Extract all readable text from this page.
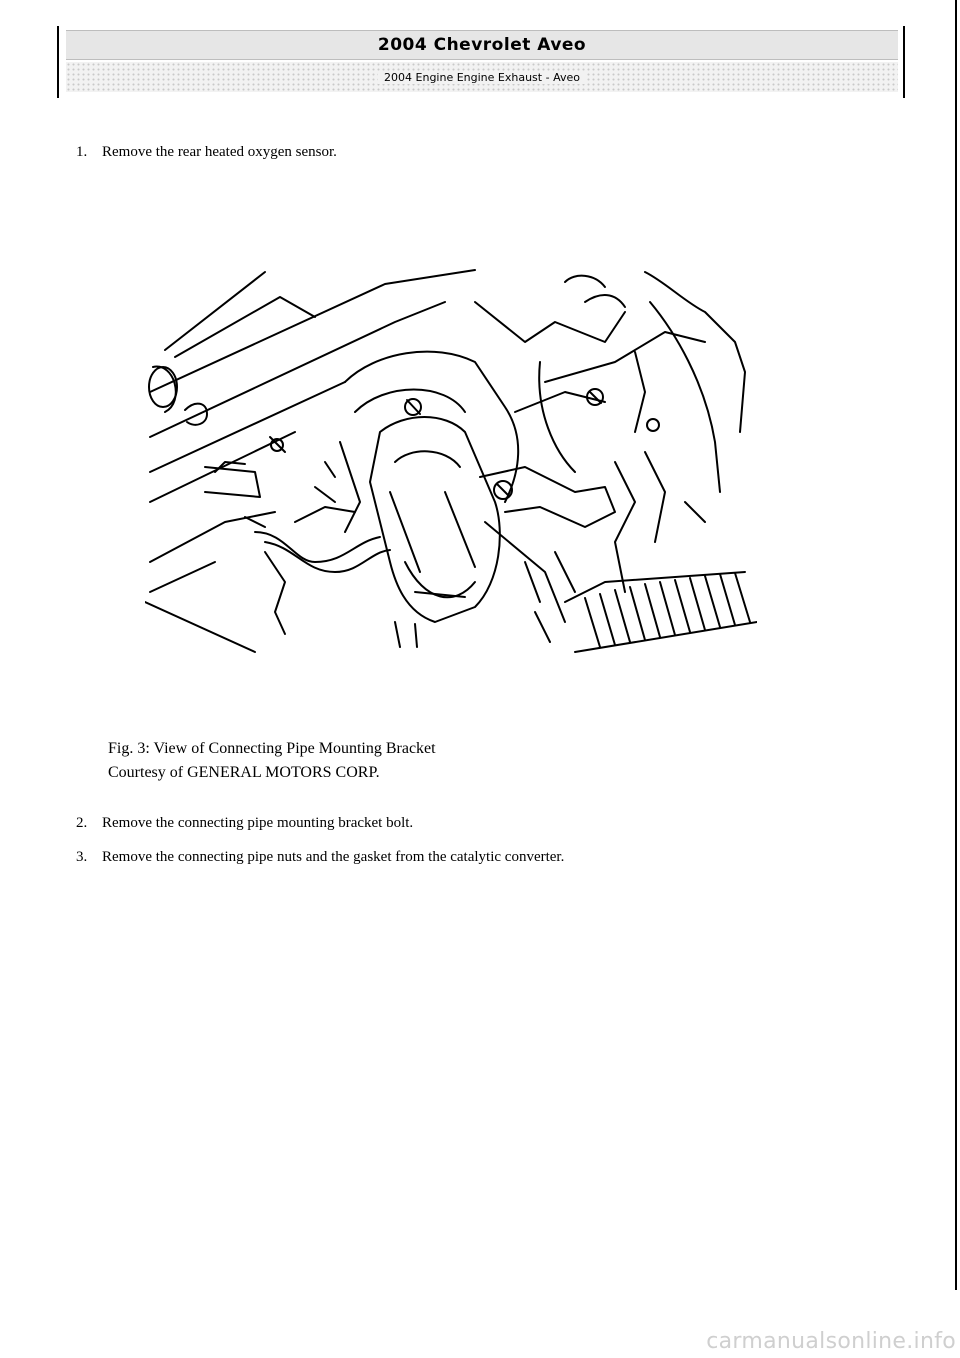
2004 Chevrolet Aveo
2004 Engine Engine Exhaust - Aveo
1. Remove the rear heated oxygen sensor.
Fig. 3: View of Connecting Pipe Mounting Bracket
Courtesy of GENERAL MOTORS CORP.
2. Remove the connecting pipe mounting bracket bolt.
3. Remove the connecting pipe nuts and the gasket from the catalytic converter.
carmanualsonline.info
